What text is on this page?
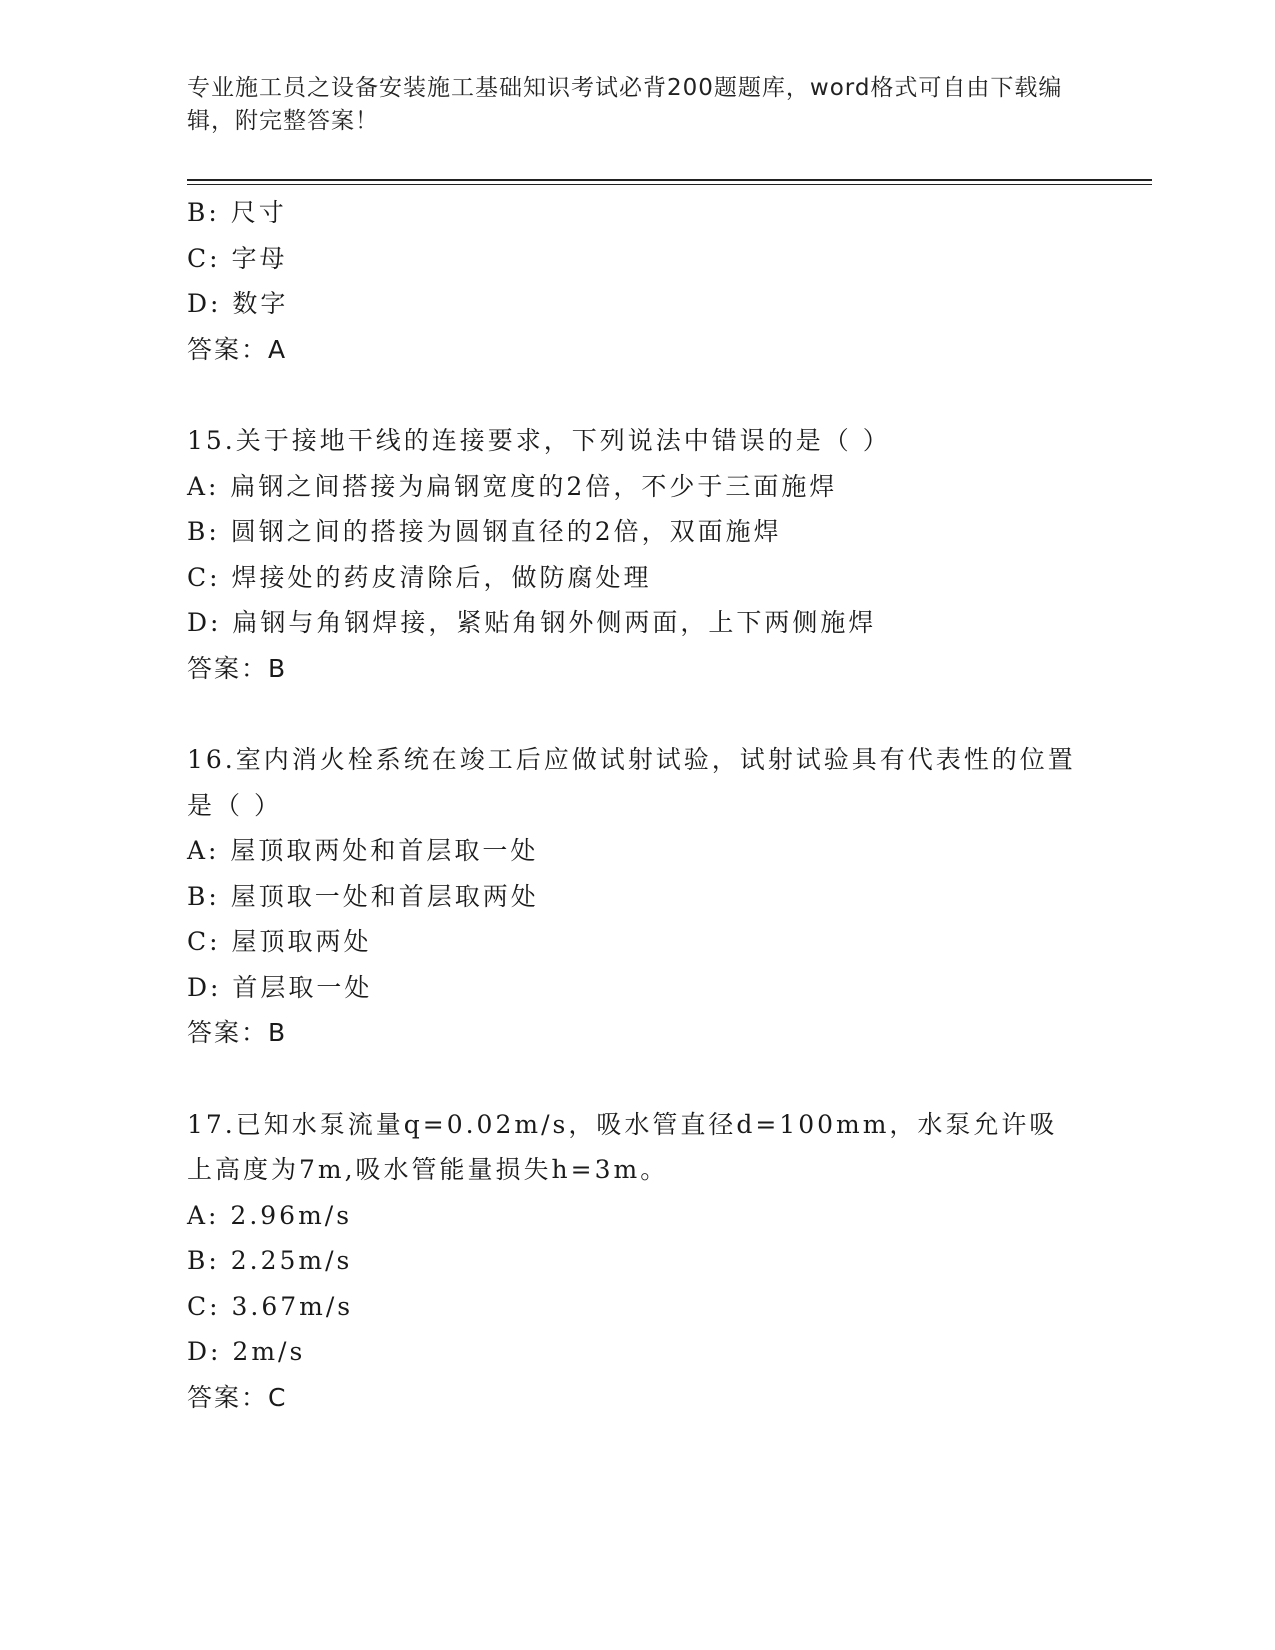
专业施工员之设备安装施工基础知识考试必背200题题库，word格式可自由下载编辑，附完整答案！
B: 尺寸
C: 字母
D: 数字
答案：A
15.关于接地干线的连接要求，下列说法中错误的是（ ）
A: 扁钢之间搭接为扁钢宽度的2倍，不少于三面施焊
B: 圆钢之间的搭接为圆钢直径的2倍，双面施焊
C: 焊接处的药皮清除后，做防腐处理
D: 扁钢与角钢焊接，紧贴角钢外侧两面，上下两侧施焊
答案：B
16.室内消火栓系统在竣工后应做试射试验，试射试验具有代表性的位置是（ ）
A: 屋顶取两处和首层取一处
B: 屋顶取一处和首层取两处
C: 屋顶取两处
D: 首层取一处
答案：B
17.已知水泵流量q=0.02m/s，吸水管直径d=100mm，水泵允许吸上高度为7m,吸水管能量损失h=3m。
A: 2.96m/s
B: 2.25m/s
C: 3.67m/s
D: 2m/s
答案：C
